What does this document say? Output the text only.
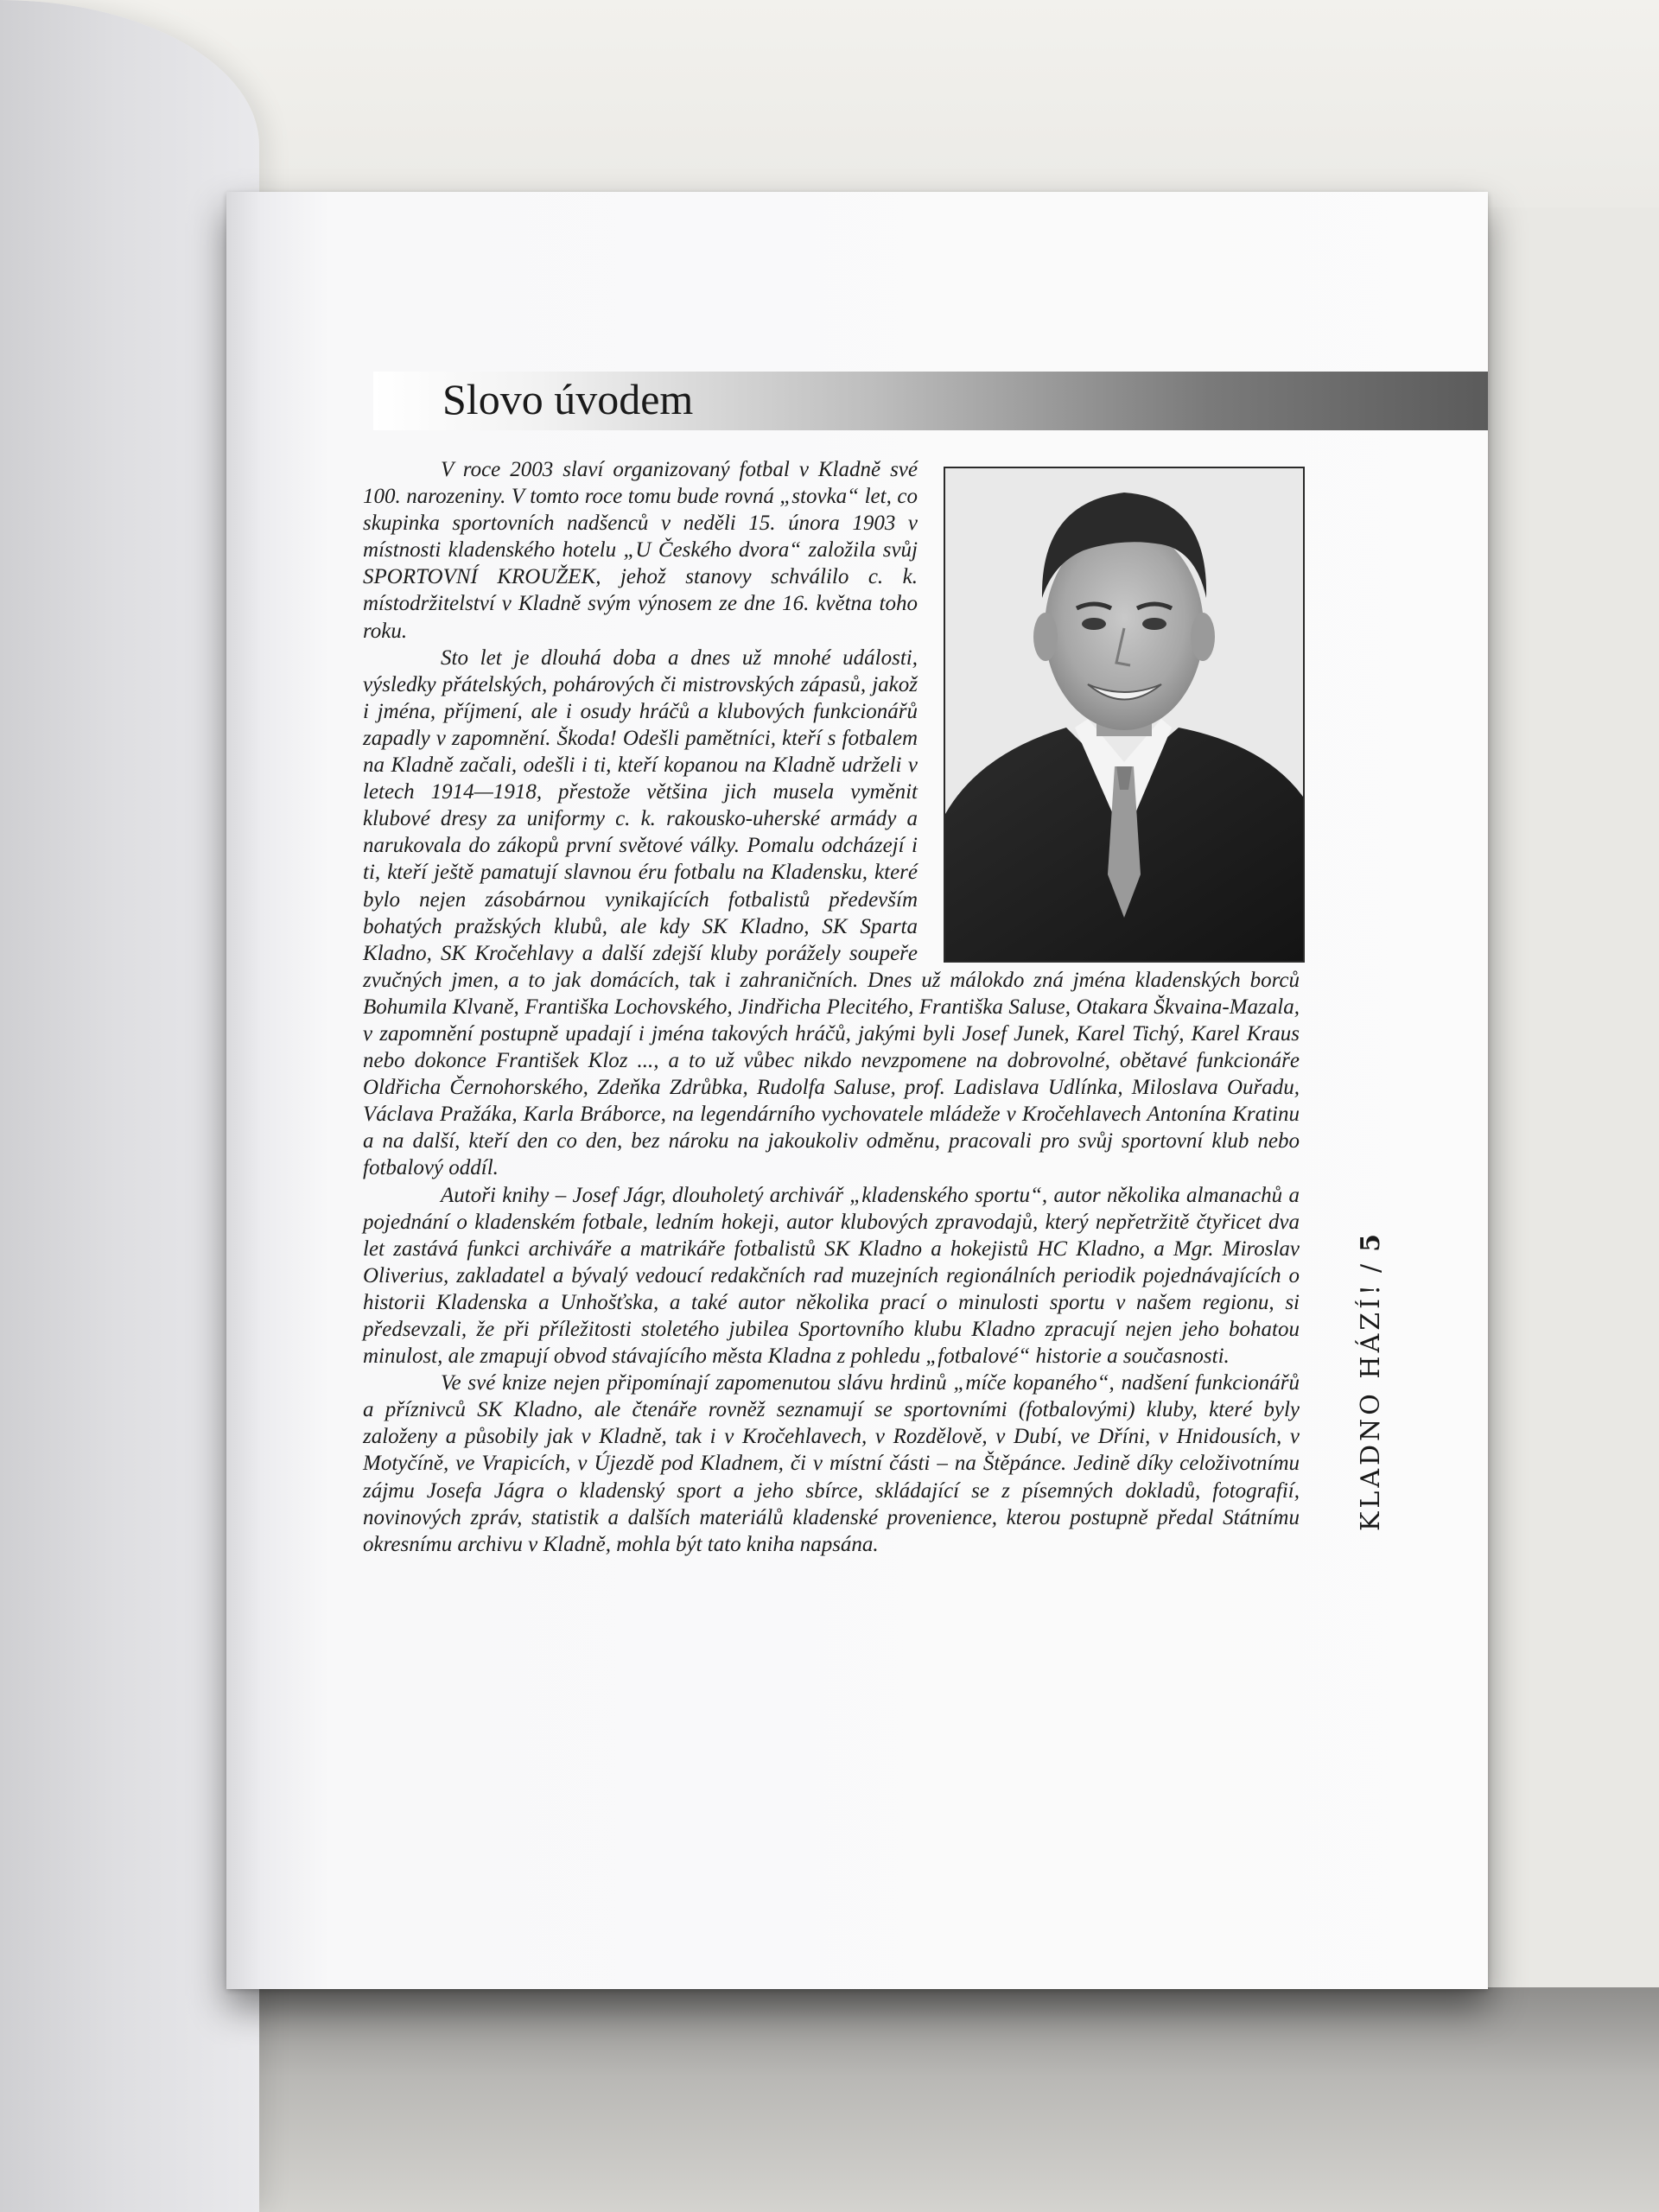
Slovo úvodem

V roce 2003 slaví organizovaný fotbal v Kladně své 100. narozeniny. V tomto roce tomu bude rovná „stovka“ let, co skupinka sportovních nadšenců v neděli 15. února 1903 v místnosti kladenského hotelu „U Českého dvora“ založila svůj SPORTOVNÍ KROUŽEK, jehož stanovy schválilo c. k. místodržitelství v Kladně svým výnosem ze dne 16. května toho roku.

Sto let je dlouhá doba a dnes už mnohé události, výsledky přátelských, pohárových či mistrovských zápasů, jakož i jména, příjmení, ale i osudy hráčů a klubových funkcionářů zapadly v zapomnění. Škoda! Odešli pamětníci, kteří s fotbalem na Kladně začali, odešli i ti, kteří kopanou na Kladně udrželi v letech 1914—1918, přestože většina jich musela vyměnit klubové dresy za uniformy c. k. rakousko-uherské armády a narukovala do zákopů první světové války. Pomalu odcházejí i ti, kteří ještě pamatují slavnou éru fotbalu na Kladensku, které bylo nejen zásobárnou vynikajících fotbalistů především bohatých pražských klubů, ale kdy SK Kladno, SK Sparta Kladno, SK Kročehlavy a další zdejší kluby porážely soupeře zvučných jmen, a to jak domácích, tak i zahraničních. Dnes už málokdo zná jména kladenských borců Bohumila Klvaně, Františka Lochovského, Jindřicha Plecitého, Františka Saluse, Otakara Škvaina-Mazala, v zapomnění postupně upadají i jména takových hráčů, jakými byli Josef Junek, Karel Tichý, Karel Kraus nebo dokonce František Kloz ..., a to už vůbec nikdo nevzpomene na dobrovolné, obětavé funkcionáře Oldřicha Černohorského, Zdeňka Zdrůbka, Rudolfa Saluse, prof. Ladislava Udlínka, Miloslava Ouřadu, Václava Pražáka, Karla Bráborce, na legendárního vychovatele mládeže v Kročehlavech Antonína Kratinu a na další, kteří den co den, bez nároku na jakoukoliv odměnu, pracovali pro svůj sportovní klub nebo fotbalový oddíl.

Autoři knihy – Josef Jágr, dlouholetý archivář „kladenského sportu“, autor několika almanachů a pojednání o kladenském fotbale, ledním hokeji, autor klubových zpravodajů, který nepřetržitě čtyřicet dva let zastává funkci archiváře a matrikáře fotbalistů SK Kladno a hokejistů HC Kladno, a Mgr. Miroslav Oliverius, zakladatel a bývalý vedoucí redakčních rad muzejních regionálních periodik pojednávajících o historii Kladenska a Unhošťska, a také autor několika prací o minulosti sportu v našem regionu, si předsevzali, že při příležitosti stoletého jubilea Sportovního klubu Kladno zpracují nejen jeho bohatou minulost, ale zmapují obvod stávajícího města Kladna z pohledu „fotbalové“ historie a současnosti.

Ve své knize nejen připomínají zapomenutou slávu hrdinů „míče kopaného“, nadšení funkcionářů a příznivců SK Kladno, ale čtenáře rovněž seznamují se sportovními (fotbalovými) kluby, které byly založeny a působily jak v Kladně, tak i v Kročehlavech, v Rozdělově, v Dubí, ve Dříni, v Hnidousích, v Motyčíně, ve Vrapicích, v Újezdě pod Kladnem, či v místní části – na Štěpánce. Jedině díky celoživotnímu zájmu Josefa Jágra o kladenský sport a jeho sbírce, skládající se z písemných dokladů, fotografií, novinových zpráv, statistik a dalších materiálů kladenské provenience, kterou postupně předal Státnímu okresnímu archivu v Kladně, mohla být tato kniha napsána.

KLADNO HÁZÍ!/5
